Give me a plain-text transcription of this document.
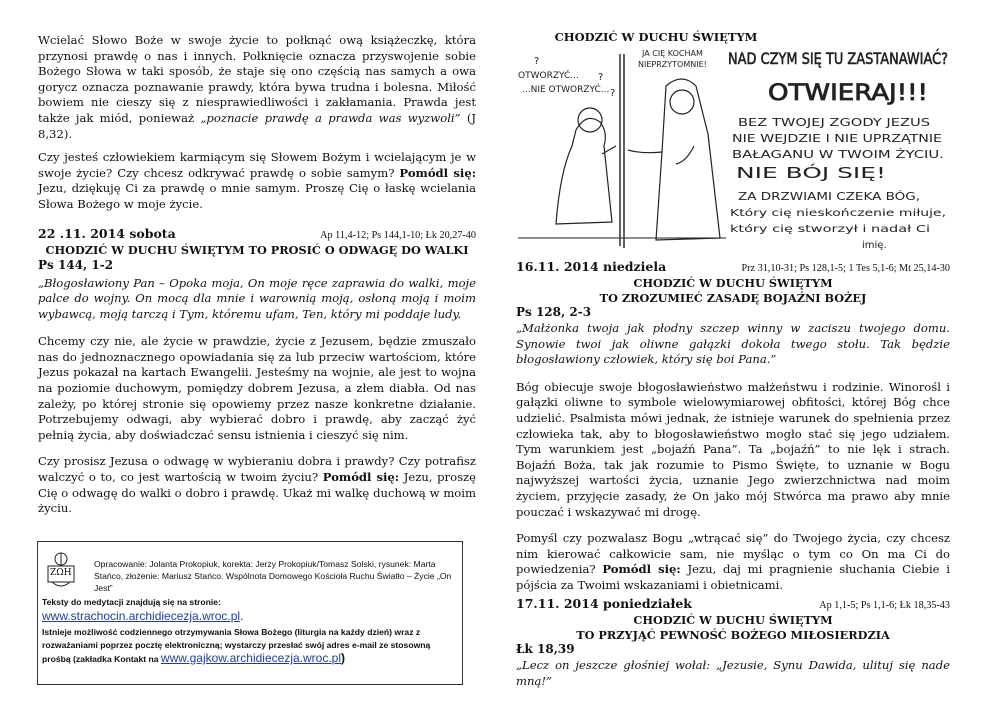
Wcielać Słowo Boże w swoje życie to połknąć ową książeczkę, która przynosi prawdę o nas i innych. Połknięcie oznacza przyswojenie sobie Bożego Słowa w taki sposób, że staje się ono częścią nas samych a owa gorycz oznacza poznawanie prawdy, która bywa trudna i bolesna. Miłość bowiem nie cieszy się z niesprawiedliwości i zakłamania. Prawda jest także jak miód, ponieważ „poznacie prawdę a prawda was wyzwoli” (J 8,32).

Czy jesteś człowiekiem karmiącym się Słowem Bożym i wcielającym je w swoje życie? Czy chcesz odkrywać prawdę o sobie samym? Pomódl się: Jezu, dziękuję Ci za prawdę o mnie samym. Proszę Cię o łaskę wcielania Słowa Bożego w moje życie.

22 .11. 2014 sobota	Ap 11,4-12; Ps 144,1-10; Łk 20,27-40
CHODZIĆ W DUCHU ŚWIĘTYM TO PROSIĆ O ODWAGĘ DO WALKI
Ps 144, 1-2

„Błogosławiony Pan – Opoka moja, On moje ręce zaprawia do walki, moje palce do wojny. On mocą dla mnie i warownią moją, osłoną moją i moim wybawcą, moją tarczą i Tym, któremu ufam, Ten, który mi poddaje ludy.

Chcemy czy nie, ale życie w prawdzie, życie z Jezusem, będzie zmuszało nas do jednoznacznego opowiadania się za lub przeciw wartościom, które Jezus pokazał na kartach Ewangelii. Jesteśmy na wojnie, ale jest to wojna na poziomie duchowym, pomiędzy dobrem Jezusa, a złem diabła. Od nas zależy, po której stronie się opowiemy przez nasze konkretne działanie. Potrzebujemy odwagi, aby wybierać dobro i prawdę, aby zacząć żyć pełnią życia, aby doświadczać sensu istnienia i cieszyć się nim.

Czy prosisz Jezusa o odwagę w wybieraniu dobra i prawdy? Czy potrafisz walczyć o to, co jest wartością w twoim życiu? Pomódl się: Jezu, proszę Cię o odwagę do walki o dobro i prawdę. Ukaż mi walkę duchową w moim życiu.

ZΩH
Opracowanie: Jolanta Prokopiuk, korekta: Jerzy Prokopiuk/Tomasz Solski, rysunek: Marta Stańco, złożenie: Mariusz Stańco. Wspólnota Domowego Kościoła Ruchu Światło – Życie „On Jest”
Teksty do medytacji znajdują się na stronie:
www.strachocin.archidiecezja.wroc.pl.
Istnieje możliwość codziennego otrzymywania Słowa Bożego (liturgia na każdy dzień) wraz z rozważaniami poprzez pocztę elektroniczną; wystarczy przesłać swój adres e-mail ze stosowną prośbą (zakładka Kontakt na www.gajkow.archidiecezja.wroc.pl)
CHODZIĆ W DUCHU ŚWIĘTYM
?
OTWORZYĆ... ?
...NIE OTWORZYĆ... ?
JA CIĘ KOCHAM
NIEPRZYTOMNIE! NAD CZYM SIĘ TU ZASTANAWIAĆ?
OTWIERAJ!!!
BEZ TWOJEJ ZGODY JEZUS
NIE WEJDZIE I NIE UPRZĄTNIE
BAŁAGANU W TWOIM ŻYCIU.
NIE BÓJ SIĘ!
ZA DRZWIAMI CZEKA BÓG,
Który cię nieskończenie miłuje,
który cię stworzył i nadał Ci
imię.
16.11. 2014 niedziela	Prz 31,10-31; Ps 128,1-5; 1 Tes 5,1-6; Mt 25,14-30
CHODZIĆ W DUCHU ŚWIĘTYM
TO ZROZUMIEĆ ZASADĘ BOJAŹNI BOŻEJ
Ps 128, 2-3

„Małżonka twoja jak płodny szczep winny w zaciszu twojego domu. Synowie twoi jak oliwne gałązki dokoła twego stołu. Tak będzie błogosławiony człowiek, który się boi Pana.”

Bóg obiecuje swoje błogosławieństwo małżeństwu i rodzinie. Winorośl i gałązki oliwne to symbole wielowymiarowej obfitości, której Bóg chce udzielić. Psalmista mówi jednak, że istnieje warunek do spełnienia przez człowieka tak, aby to błogosławieństwo mogło stać się jego udziałem. Tym warunkiem jest „bojaźń Pana”. Ta „bojaźń” to nie lęk i strach. Bojaźń Boża, tak jak rozumie to Pismo Święte, to uznanie w Bogu najwyższej wartości życia, uznanie Jego zwierzchnictwa nad moim życiem, przyjęcie zasady, że On jako mój Stwórca ma prawo aby mnie pouczać i wskazywać mi drogę.

Pomyśl czy pozwalasz Bogu „wtrącać się” do Twojego życia, czy chcesz nim kierować całkowicie sam, nie myśląc o tym co On ma Ci do powiedzenia? Pomódl się: Jezu, daj mi pragnienie słuchania Ciebie i pójścia za Twoimi wskazaniami i obietnicami.

17.11. 2014 poniedziałek	Ap 1,1-5; Ps 1,1-6; Łk 18,35-43
CHODZIĆ W DUCHU ŚWIĘTYM
TO PRZYJĄĆ PEWNOŚĆ BOŻEGO MIŁOSIERDZIA
Łk 18,39

„Lecz on jeszcze głośniej wołał: „Jezusie, Synu Dawida, ulituj się nade mną!”
